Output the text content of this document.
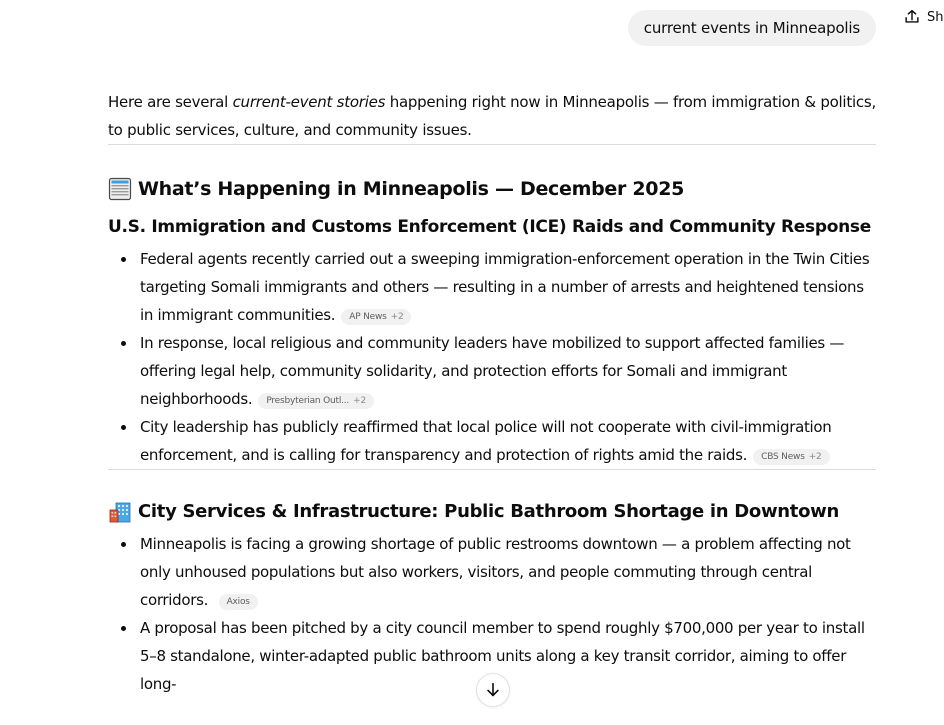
Sh
current events in Minneapolis

Here are several current-event stories happening right now in Minneapolis — from immigration & politics, to public services, culture, and community issues.

What’s Happening in Minneapolis — December 2025
U.S. Immigration and Customs Enforcement (ICE) Raids and Community Response
Federal agents recently carried out a sweeping immigration-enforcement operation in the Twin Cities targeting Somali immigrants and others — resulting in a number of arrests and heightened tensions in immigrant communities. AP News +2
In response, local religious and community leaders have mobilized to support affected families — offering legal help, community solidarity, and protection efforts for Somali and immigrant neighborhoods. Presbyterian Outl... +2
City leadership has publicly reaffirmed that local police will not cooperate with civil-immigration enforcement, and is calling for transparency and protection of rights amid the raids. CBS News +2
City Services & Infrastructure: Public Bathroom Shortage in Downtown
Minneapolis is facing a growing shortage of public restrooms downtown — a problem affecting not only unhoused populations but also workers, visitors, and people commuting through central corridors. Axios
A proposal has been pitched by a city council member to spend roughly $700,000 per year to install 5–8 standalone, winter-adapted public bathroom units along a key transit corridor, aiming to offer long-
